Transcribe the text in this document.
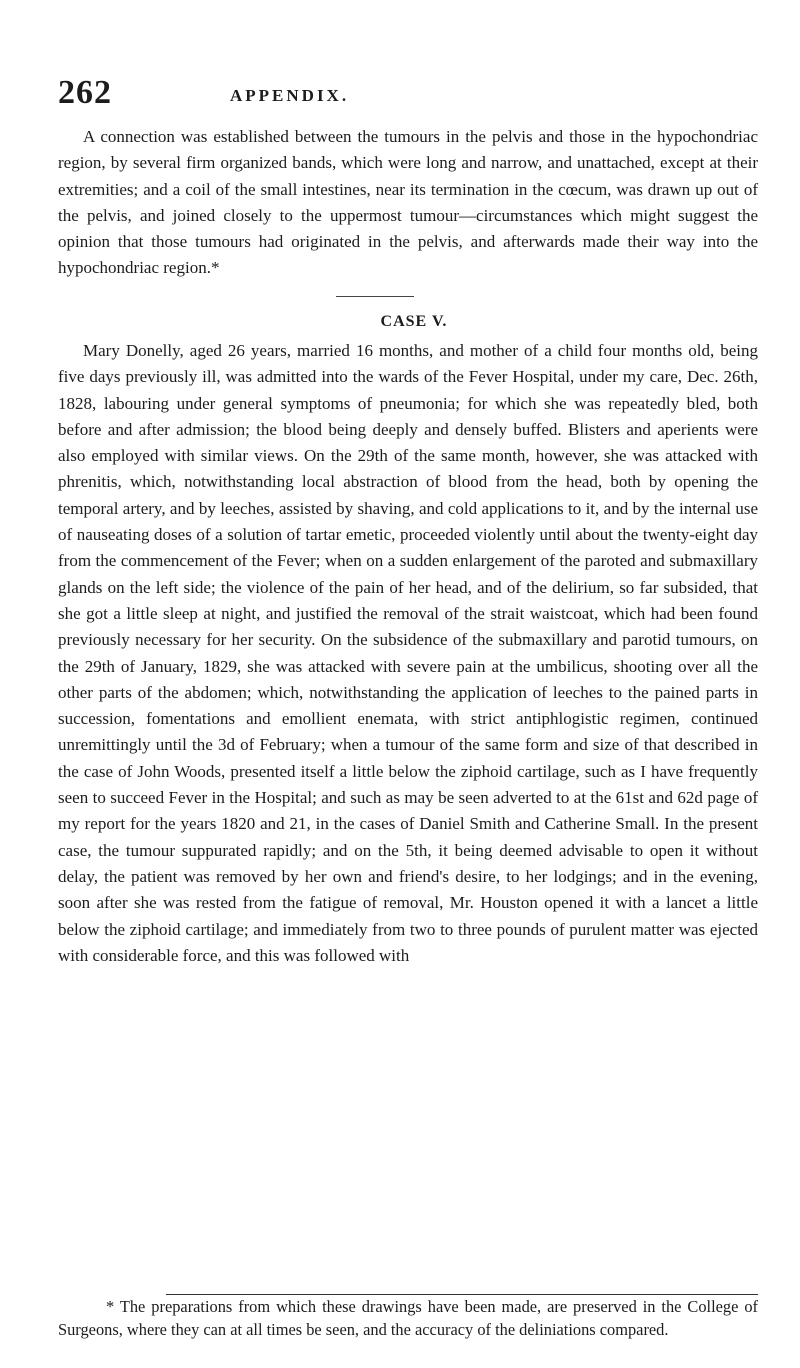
262	APPENDIX.

A connection was established between the tumours in the pelvis and those in the hypochondriac region, by several firm organized bands, which were long and narrow, and unattached, except at their extremities; and a coil of the small intestines, near its termination in the cœcum, was drawn up out of the pelvis, and joined closely to the uppermost tumour—circumstances which might suggest the opinion that those tumours had originated in the pelvis, and afterwards made their way into the hypochondriac region.*

CASE V.

Mary Donelly, aged 26 years, married 16 months, and mother of a child four months old, being five days previously ill, was admitted into the wards of the Fever Hospital, under my care, Dec. 26th, 1828, labouring under general symptoms of pneumonia; for which she was repeatedly bled, both before and after admission; the blood being deeply and densely buffed. Blisters and aperients were also employed with similar views. On the 29th of the same month, however, she was attacked with phrenitis, which, notwithstanding local abstraction of blood from the head, both by opening the temporal artery, and by leeches, assisted by shaving, and cold applications to it, and by the internal use of nauseating doses of a solution of tartar emetic, proceeded violently until about the twenty-eight day from the commencement of the Fever; when on a sudden enlargement of the paroted and submaxillary glands on the left side; the violence of the pain of her head, and of the delirium, so far subsided, that she got a little sleep at night, and justified the removal of the strait waistcoat, which had been found previously necessary for her security. On the subsidence of the submaxillary and parotid tumours, on the 29th of January, 1829, she was attacked with severe pain at the umbilicus, shooting over all the other parts of the abdomen; which, notwithstanding the application of leeches to the pained parts in succession, fomentations and emollient enemata, with strict antiphlogistic regimen, continued unremittingly until the 3d of February; when a tumour of the same form and size of that described in the case of John Woods, presented itself a little below the ziphoid cartilage, such as I have frequently seen to succeed Fever in the Hospital; and such as may be seen adverted to at the 61st and 62d page of my report for the years 1820 and 21, in the cases of Daniel Smith and Catherine Small. In the present case, the tumour suppurated rapidly; and on the 5th, it being deemed advisable to open it without delay, the patient was removed by her own and friend's desire, to her lodgings; and in the evening, soon after she was rested from the fatigue of removal, Mr. Houston opened it with a lancet a little below the ziphoid cartilage; and immediately from two to three pounds of purulent matter was ejected with considerable force, and this was followed with

* The preparations from which these drawings have been made, are preserved in the College of Surgeons, where they can at all times be seen, and the accuracy of the deliniations compared.
